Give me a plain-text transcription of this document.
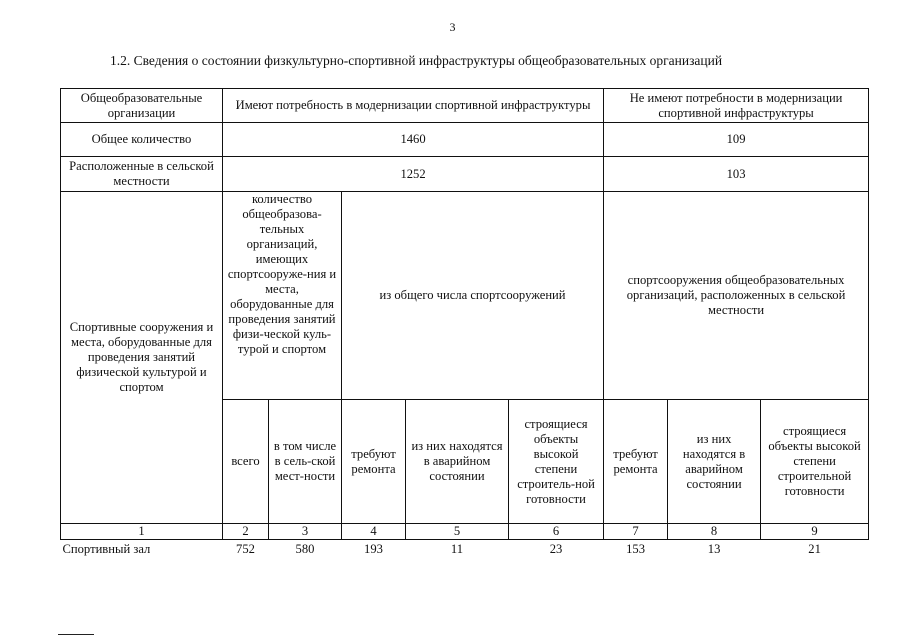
3
1.2. Сведения о состоянии физкультурно-спортивной инфраструктуры общеобразовательных организаций
Общеобразовательные организации	Имеют потребность в модернизации спортивной инфраструктуры					Не имеют потребности в модернизации спортивной инфраструктуры		
Общее количество	1460					109		
Расположенные в сельской местности	1252					103		
Спортивные сооружения и места, оборудованные для проведения занятий физической культурой и спортом	количество общеобразова-тельных организаций, имеющих спортсооруже-ния и места, оборудованные для проведения занятий физи-ческой куль-турой и спортом		из общего числа спортсооружений			спортсооружения общеобразовательных организаций, расположенных в сельской местности		
	всего	в том числе в сель-ской мест-ности	требуют ремонта	из них находятся в аварийном состоянии	строящиеся объекты высокой степени строитель-ной готовности	требуют ремонта	из них находятся в аварийном состоянии	строящиеся объекты высокой степени строительной готовности
1	2	3	4	5	6	7	8	9
Спортивный зал	752	580	193	11	23	153	13	21
